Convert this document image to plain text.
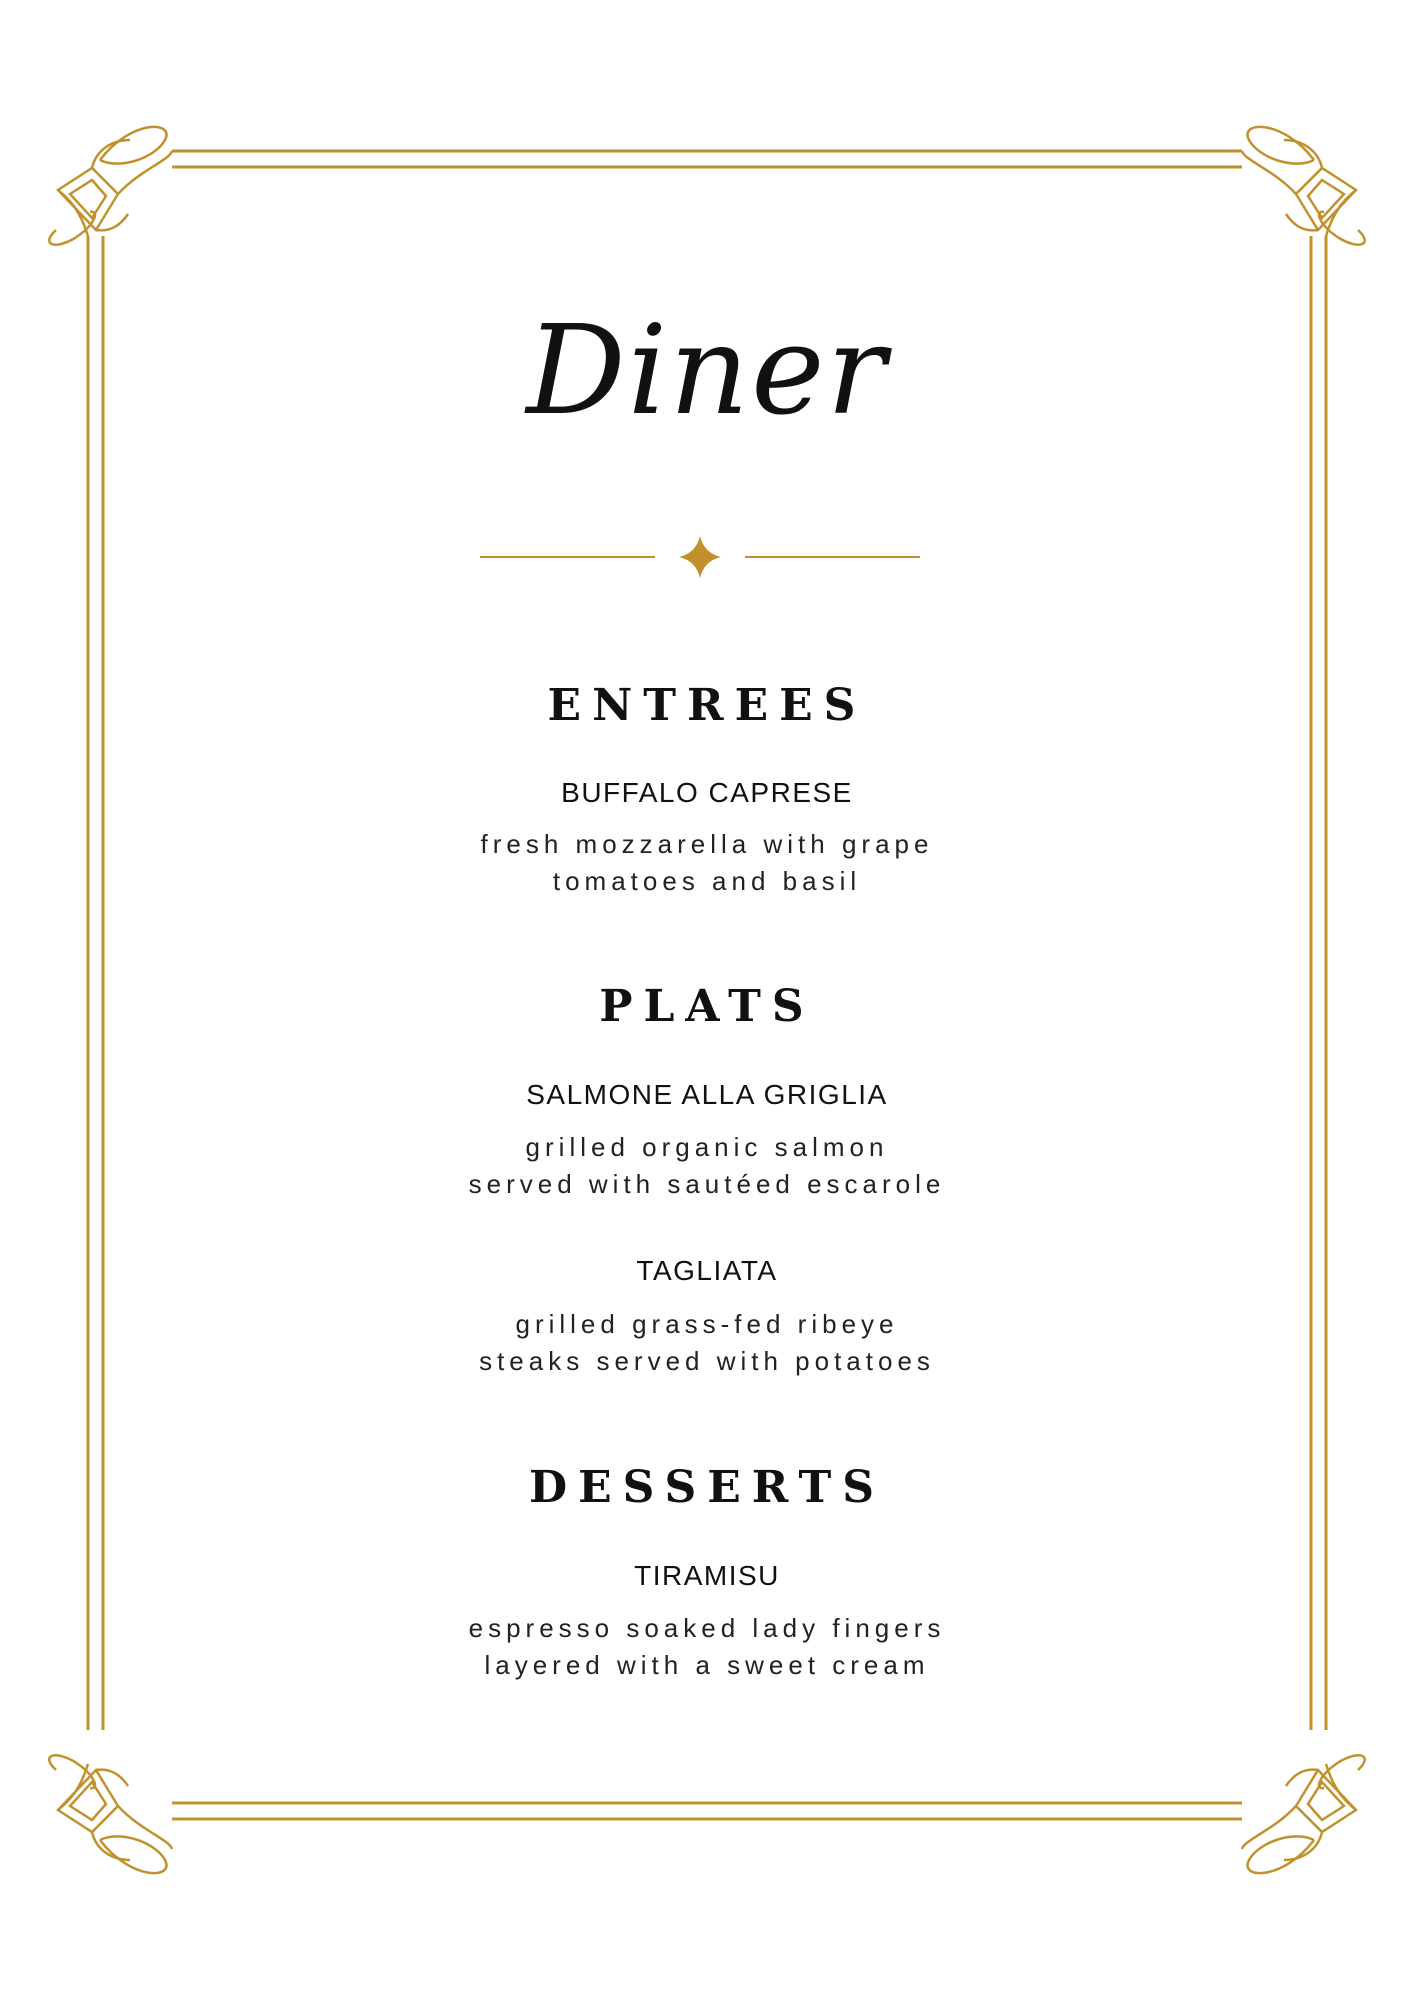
Diner
ENTREES
BUFFALO CAPRESE
fresh mozzarella with grape
tomatoes and basil
PLATS
SALMONE ALLA GRIGLIA
grilled organic salmon
served with sautéed escarole
TAGLIATA
grilled grass-fed ribeye
steaks served with potatoes
DESSERTS
TIRAMISU
espresso soaked lady fingers
layered with a sweet cream
